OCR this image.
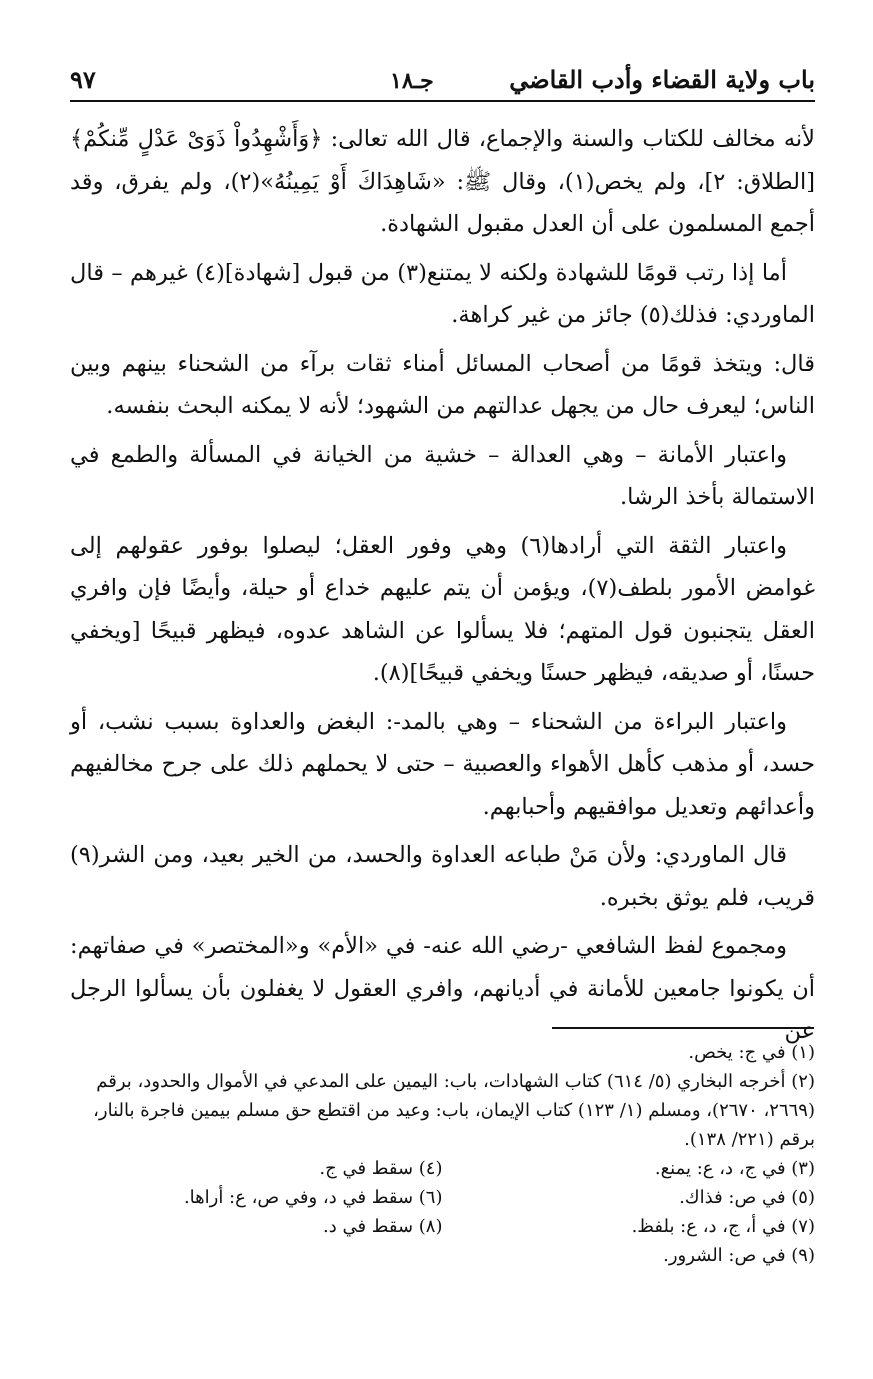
باب ولاية القضاء وأدب القاضي
جـ١٨
٩٧

لأنه مخالف للكتاب والسنة والإجماع، قال الله تعالى: ﴿وَأَشْهِدُواْ ذَوَىْ عَدْلٍ مِّنكُمْ﴾ [الطلاق: ٢]، ولم يخص(١)، وقال ﷺ: «شَاهِدَاكَ أَوْ يَمِينُهُ»(٢)، ولم يفرق، وقد أجمع المسلمون على أن العدل مقبول الشهادة.

أما إذا رتب قومًا للشهادة ولكنه لا يمتنع(٣) من قبول [شهادة](٤) غيرهم – قال الماوردي: فذلك(٥) جائز من غير كراهة.

قال: ويتخذ قومًا من أصحاب المسائل أمناء ثقات برآء من الشحناء بينهم وبين الناس؛ ليعرف حال من يجهل عدالتهم من الشهود؛ لأنه لا يمكنه البحث بنفسه.

واعتبار الأمانة – وهي العدالة – خشية من الخيانة في المسألة والطمع في الاستمالة بأخذ الرشا.

واعتبار الثقة التي أرادها(٦) وهي وفور العقل؛ ليصلوا بوفور عقولهم إلى غوامض الأمور بلطف(٧)، ويؤمن أن يتم عليهم خداع أو حيلة، وأيضًا فإن وافري العقل يتجنبون قول المتهم؛ فلا يسألوا عن الشاهد عدوه، فيظهر قبيحًا [ويخفي حسنًا، أو صديقه، فيظهر حسنًا ويخفي قبيحًا](٨).

واعتبار البراءة من الشحناء – وهي بالمد-: البغض والعداوة بسبب نشب، أو حسد، أو مذهب كأهل الأهواء والعصبية – حتى لا يحملهم ذلك على جرح مخالفيهم وأعدائهم وتعديل موافقيهم وأحبابهم.

قال الماوردي: ولأن مَنْ طباعه العداوة والحسد، من الخير بعيد، ومن الشر(٩) قريب، فلم يوثق بخبره.

ومجموع لفظ الشافعي -رضي الله عنه- في «الأم» و«المختصر» في صفاتهم: أن يكونوا جامعين للأمانة في أديانهم، وافري العقول لا يغفلون بأن يسألوا الرجل عن

(١) في ج: يخص.

(٢) أخرجه البخاري (٥/ ٦١٤) كتاب الشهادات، باب: اليمين على المدعي في الأموال والحدود، برقم (٢٦٦٩، ٢٦٧٠)، ومسلم (١/ ١٢٣) كتاب الإيمان، باب: وعيد من اقتطع حق مسلم بيمين فاجرة بالنار، برقم (٢٢١/ ١٣٨).

(٣) في ج، د، ع: يمنع.

(٥) في ص: فذاك.

(٧) في أ، ج، د، ع: بلفظ.

(٩) في ص: الشرور.

(٤) سقط في ج.

(٦) سقط في د، وفي ص، ع: أراها.

(٨) سقط في د.
